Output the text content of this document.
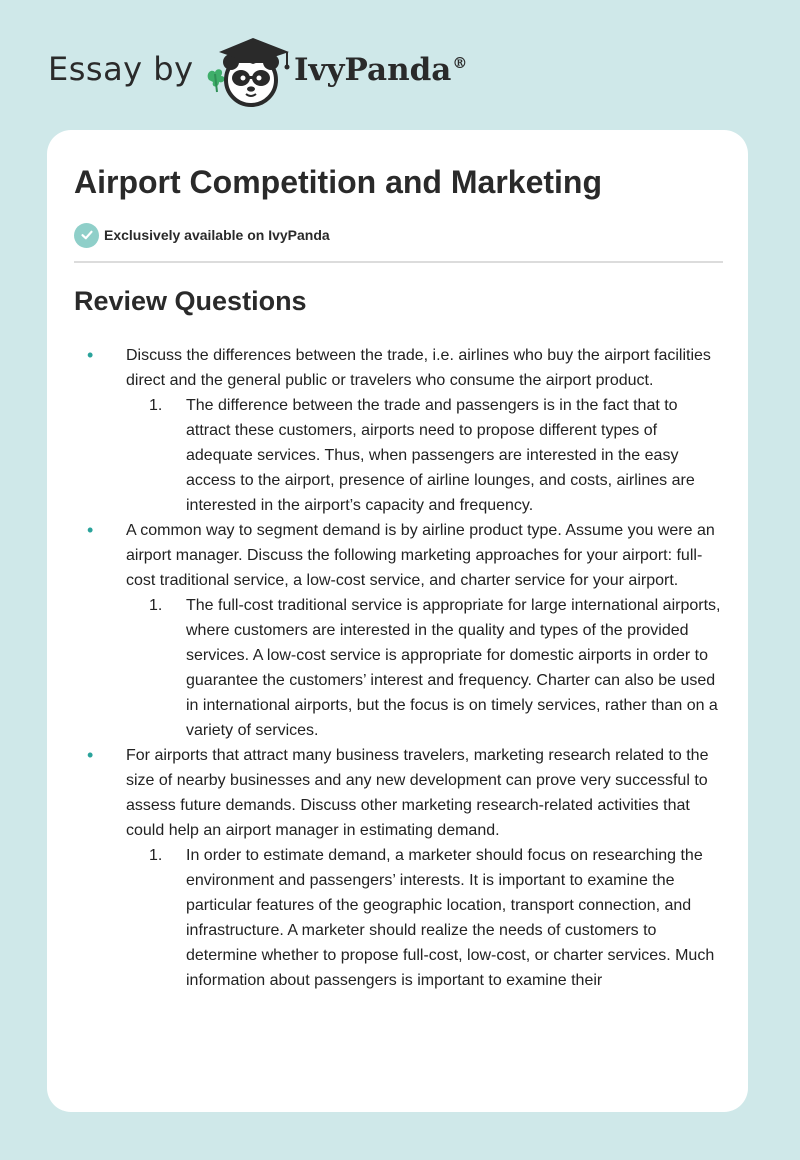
Essay by	IvyPanda®
Airport Competition and Marketing
Exclusively available on IvyPanda
Review Questions
• Discuss the differences between the trade, i.e. airlines who buy the airport facilities direct and the general public or travelers who consume the airport product.
1. The difference between the trade and passengers is in the fact that to attract these customers, airports need to propose different types of adequate services. Thus, when passengers are interested in the easy access to the airport, presence of airline lounges, and costs, airlines are interested in the airport’s capacity and frequency.
• A common way to segment demand is by airline product type. Assume you were an airport manager. Discuss the following marketing approaches for your airport: full-cost traditional service, a low-cost service, and charter service for your airport.
1. The full-cost traditional service is appropriate for large international airports, where customers are interested in the quality and types of the provided services. A low-cost service is appropriate for domestic airports in order to guarantee the customers’ interest and frequency. Charter can also be used in international airports, but the focus is on timely services, rather than on a variety of services.
• For airports that attract many business travelers, marketing research related to the size of nearby businesses and any new development can prove very successful to assess future demands. Discuss other marketing research-related activities that could help an airport manager in estimating demand.
1. In order to estimate demand, a marketer should focus on researching the environment and passengers’ interests. It is important to examine the particular features of the geographic location, transport connection, and infrastructure. A marketer should realize the needs of customers to determine whether to propose full-cost, low-cost, or charter services. Much information about passengers is important to examine their
